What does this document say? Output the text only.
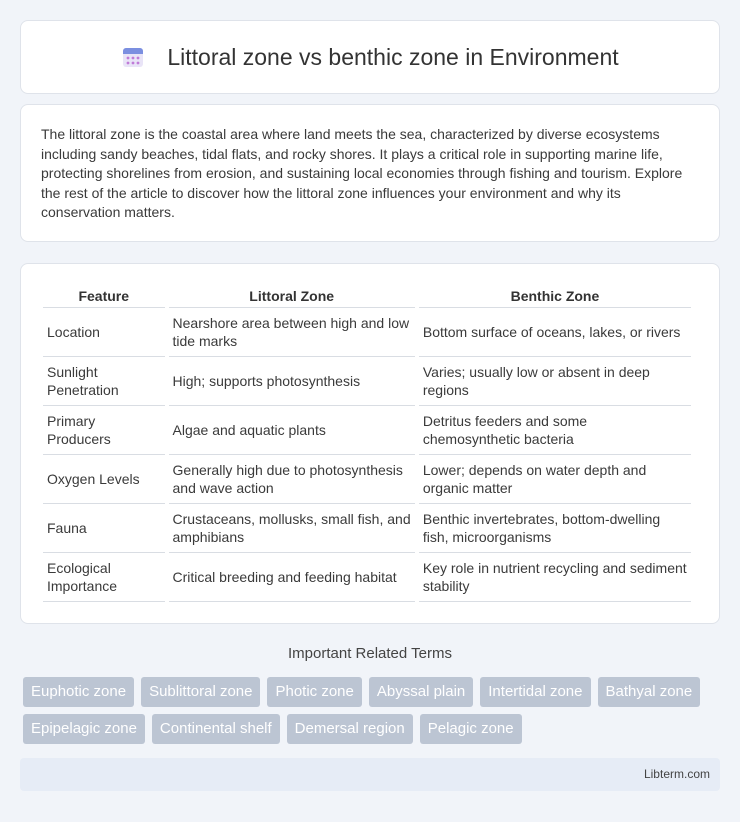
Littoral zone vs benthic zone in Environment

The littoral zone is the coastal area where land meets the sea, characterized by diverse ecosystems including sandy beaches, tidal flats, and rocky shores. It plays a critical role in supporting marine life, protecting shorelines from erosion, and sustaining local economies through fishing and tourism. Explore the rest of the article to discover how the littoral zone influences your environment and why its conservation matters.

Feature	Littoral Zone	Benthic Zone
Location	Nearshore area between high and low tide marks	Bottom surface of oceans, lakes, or rivers
Sunlight Penetration	High; supports photosynthesis	Varies; usually low or absent in deep regions
Primary Producers	Algae and aquatic plants	Detritus feeders and some chemosynthetic bacteria
Oxygen Levels	Generally high due to photosynthesis and wave action	Lower; depends on water depth and organic matter
Fauna	Crustaceans, mollusks, small fish, and amphibians	Benthic invertebrates, bottom-dwelling fish, microorganisms
Ecological Importance	Critical breeding and feeding habitat	Key role in nutrient recycling and sediment stability
Important Related Terms
Euphotic zone	Sublittoral zone	Photic zone	Abyssal plain	Intertidal zone	Bathyal zone
Epipelagic zone	Continental shelf	Demersal region	Pelagic zone
Libterm.com
